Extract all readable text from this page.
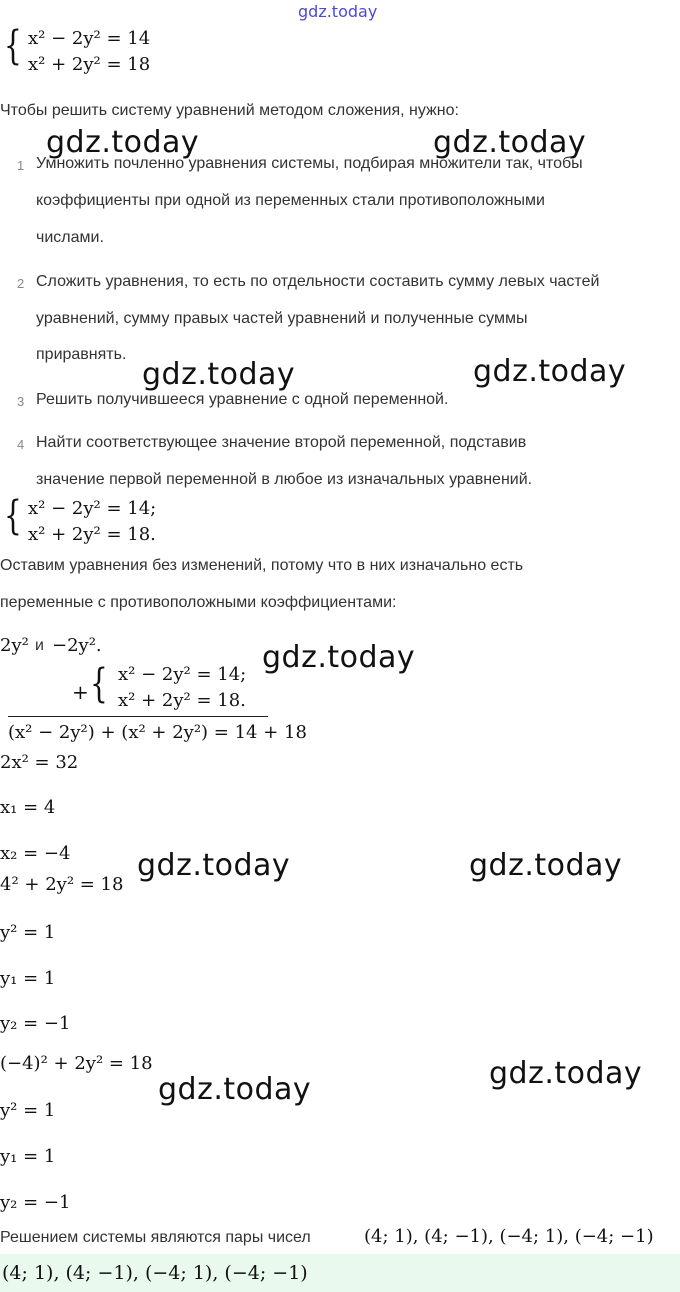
gdz.today
{ x² − 2y² = 14
x² + 2y² = 18
Чтобы решить систему уравнений методом сложения, нужно:
gdz.today	gdz.today
1 Умножить почленно уравнения системы, подбирая множители так, чтобы
коэффициенты при одной из переменных стали противоположными
числами.
2 Сложить уравнения, то есть по отдельности составить сумму левых частей
уравнений, сумму правых частей уравнений и полученные суммы
приравнять.
gdz.today	gdz.today
3 Решить получившееся уравнение с одной переменной.
4 Найти соответствующее значение второй переменной, подставив
значение первой переменной в любое из изначальных уравнений.
{ x² − 2y² = 14;
x² + 2y² = 18.
Оставим уравнения без изменений, потому что в них изначально есть
переменные с противоположными коэффициентами:
2y² и −2y².	gdz.today
+ { x² − 2y² = 14;
x² + 2y² = 18.
(x² − 2y²) + (x² + 2y²) = 14 + 18
2x² = 32
x₁ = 4
x₂ = −4
4² + 2y² = 18
gdz.today	gdz.today
y² = 1
y₁ = 1
y₂ = −1
(−4)² + 2y² = 18
gdz.today	gdz.today
y² = 1
y₁ = 1
y₂ = −1
Решением системы являются пары чисел	(4; 1), (4; −1), (−4; 1), (−4; −1)
(4; 1), (4; −1), (−4; 1), (−4; −1)
